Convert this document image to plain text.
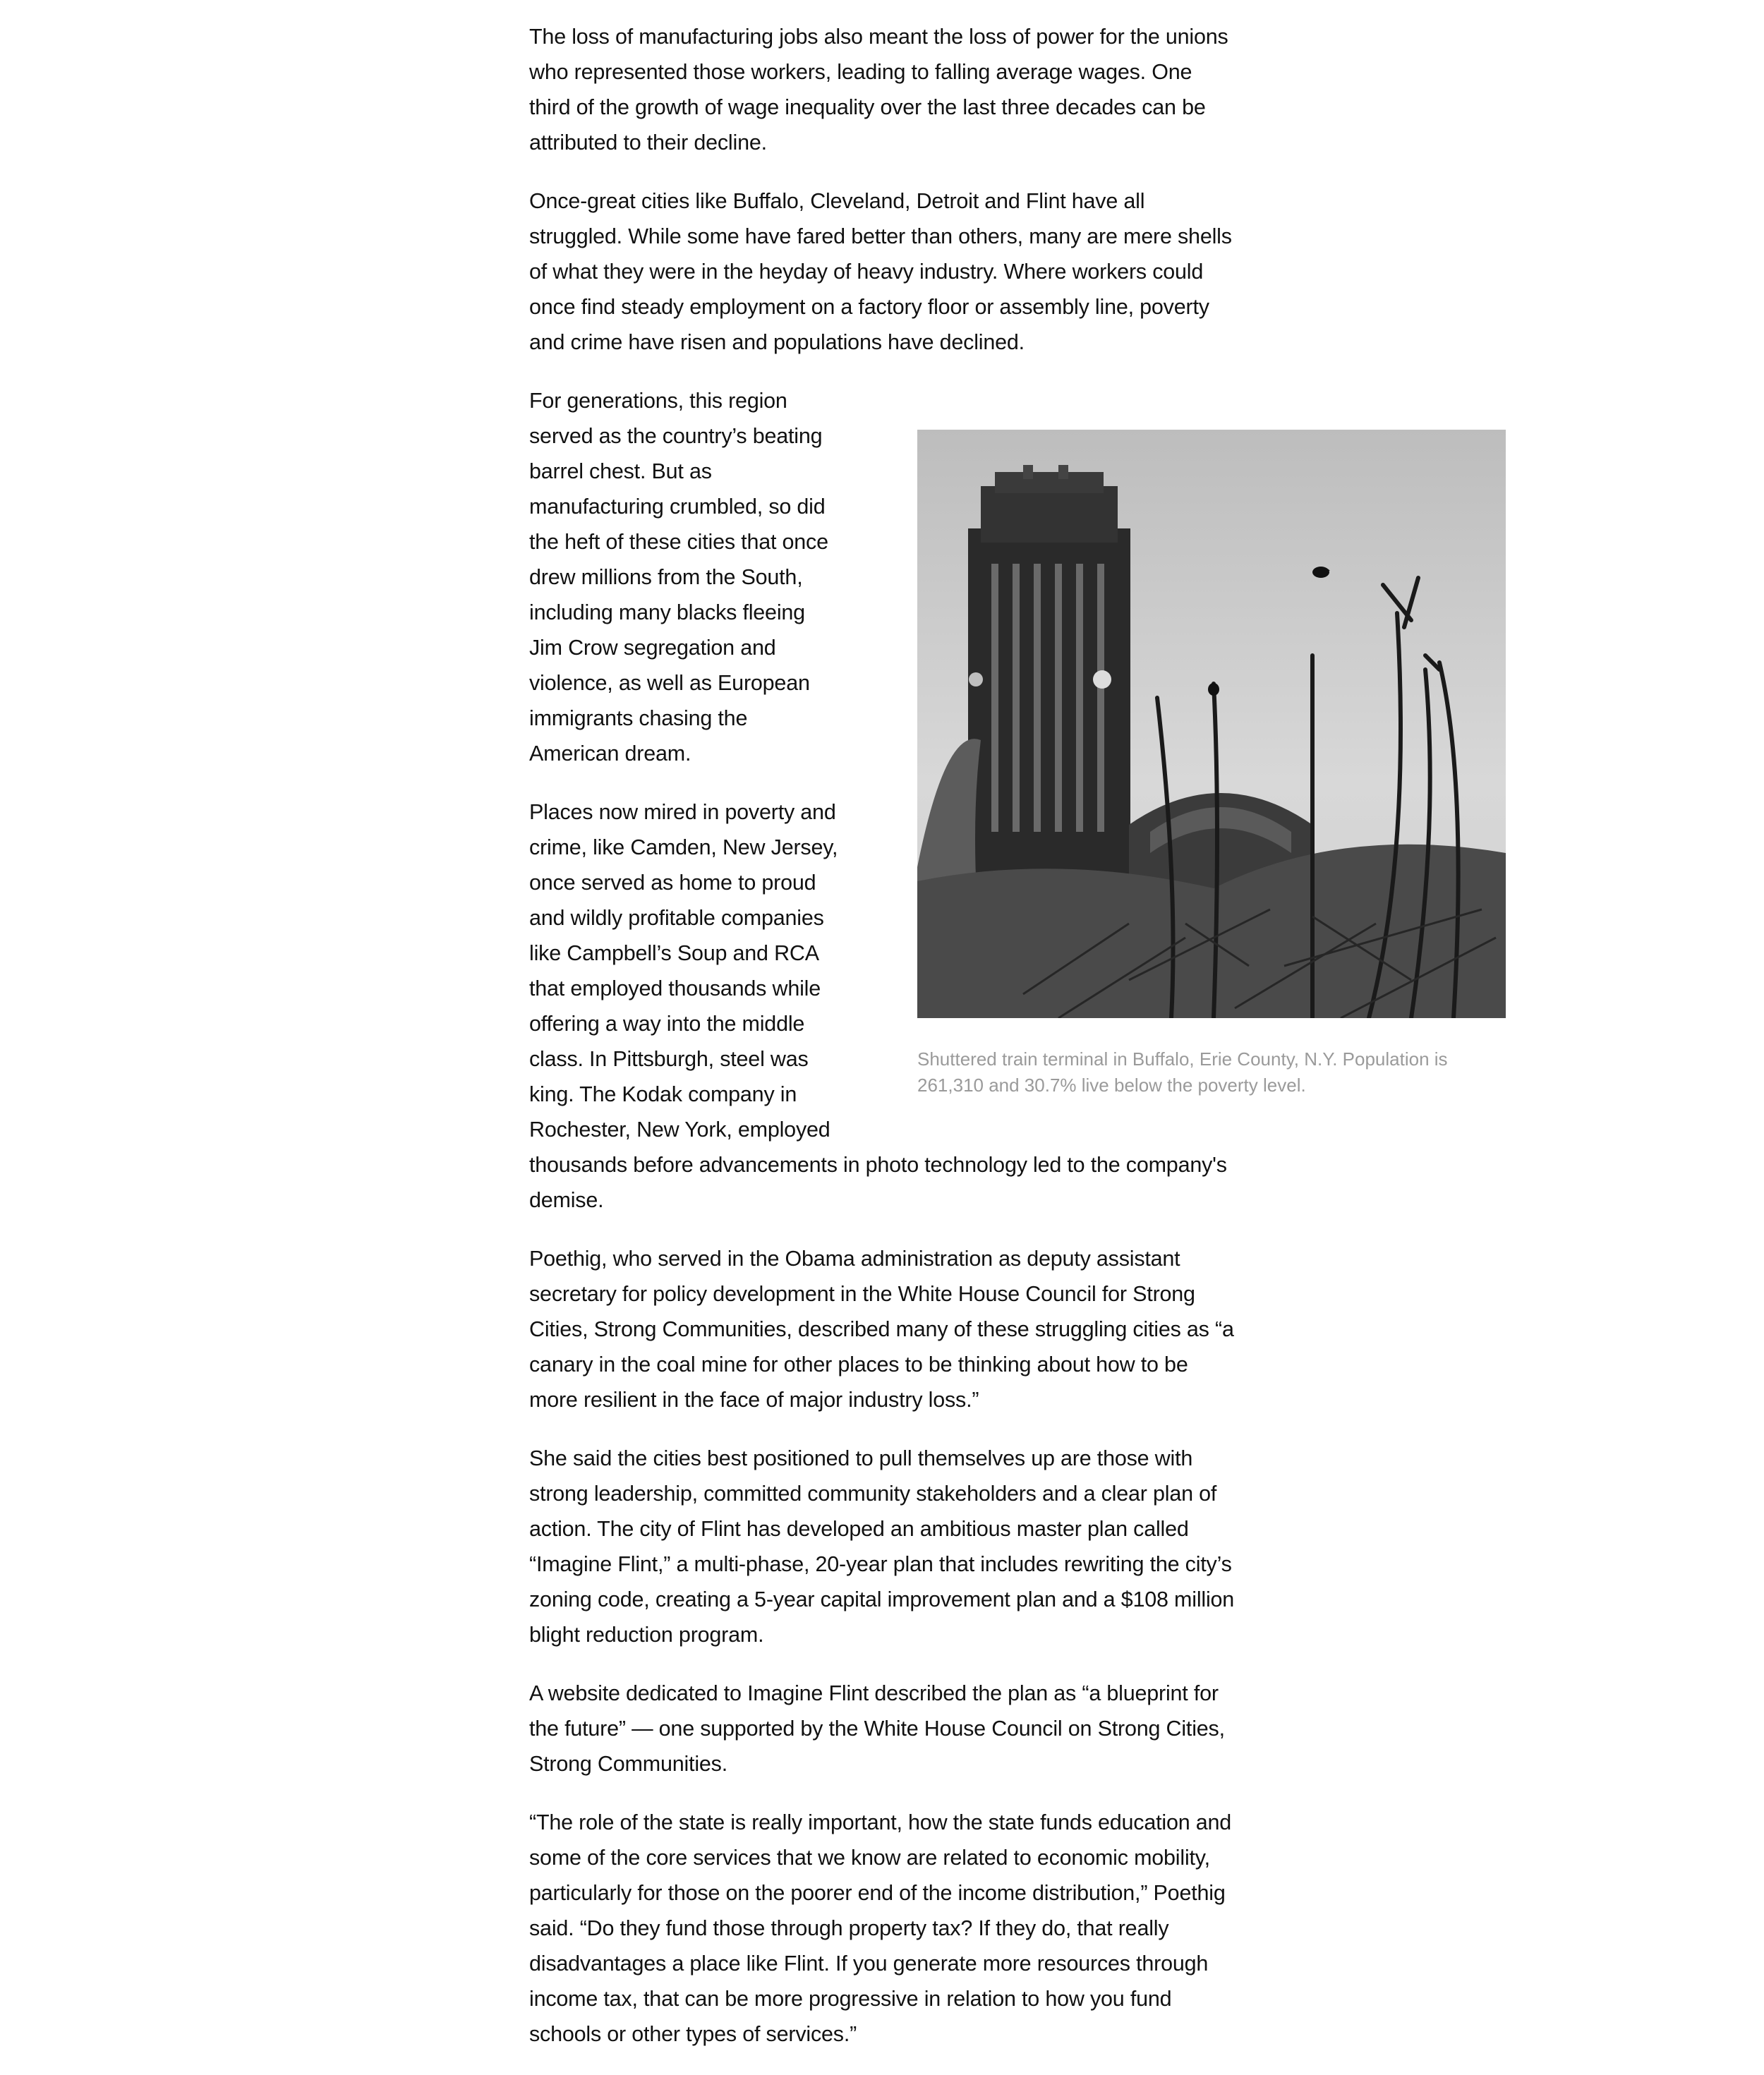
The loss of manufacturing jobs also meant the loss of power for the unions who represented those workers, leading to falling average wages. One third of the growth of wage inequality over the last three decades can be attributed to their decline.

Once-great cities like Buffalo, Cleveland, Detroit and Flint have all struggled. While some have fared better than others, many are mere shells of what they were in the heyday of heavy industry. Where workers could once find steady employment on a factory floor or assembly line, poverty and crime have risen and populations have declined.

For generations, this region served as the country’s beating barrel chest. But as manufacturing crumbled, so did the heft of these cities that once drew millions from the South, including many blacks fleeing Jim Crow segregation and violence, as well as European immigrants chasing the American dream.

Places now mired in poverty and crime, like Camden, New Jersey, once served as home to proud and wildly profitable companies like Campbell’s Soup and RCA that employed thousands while offering a way into the middle class. In Pittsburgh, steel was king. The Kodak company in Rochester, New York, employed thousands before advancements in photo technology led to the company's demise.

Poethig, who served in the Obama administration as deputy assistant secretary for policy development in the White House Council for Strong Cities, Strong Communities, described many of these struggling cities as “a canary in the coal mine for other places to be thinking about how to be more resilient in the face of major industry loss.”

She said the cities best positioned to pull themselves up are those with strong leadership, committed community stakeholders and a clear plan of action. The city of Flint has developed an ambitious master plan called “Imagine Flint,” a multi-phase, 20-year plan that includes rewriting the city’s zoning code, creating a 5-year capital improvement plan and a $108 million blight reduction program.

A website dedicated to Imagine Flint described the plan as “a blueprint for the future” — one supported by the White House Council on Strong Cities, Strong Communities.

“The role of the state is really important, how the state funds education and some of the core services that we know are related to economic mobility, particularly for those on the poorer end of the income distribution,” Poethig said. “Do they fund those through property tax? If they do, that really disadvantages a place like Flint. If you generate more resources through income tax, that can be more progressive in relation to how you fund schools or other types of services.”

Shuttered train terminal in Buffalo, Erie County, N.Y. Population is 261,310 and 30.7% live below the poverty level.
